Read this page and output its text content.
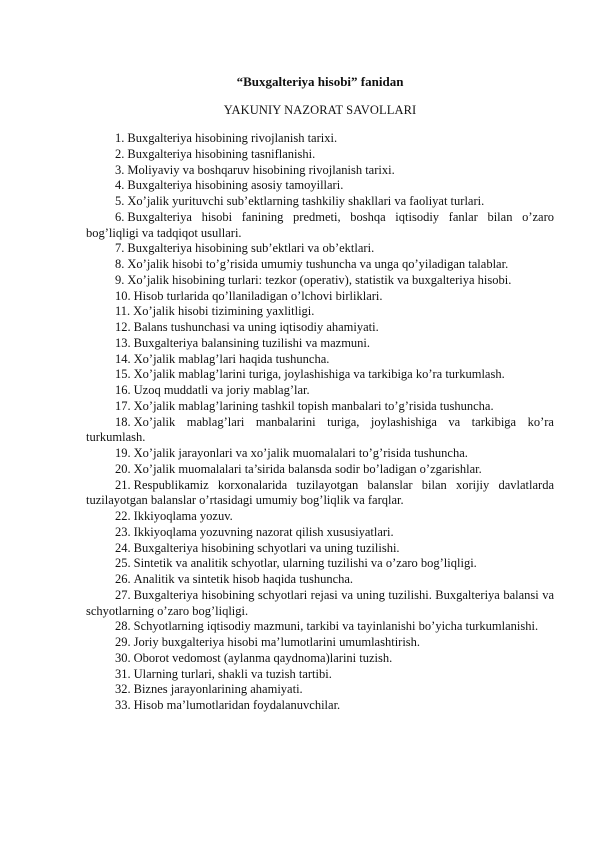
“Buxgalteriya hisobi” fanidan
YAKUNIY NAZORAT SAVOLLARI
1. Buxgalteriya hisobining rivojlanish tarixi.
2. Buxgalteriya hisobining tasniflanishi.
3. Moliyaviy va boshqaruv hisobining rivojlanish tarixi.
4. Buxgalteriya hisobining asosiy tamoyillari.
5. Xo’jalik yurituvchi sub’ektlarning tashkiliy shakllari va faoliyat turlari.
6. Buxgalteriya hisobi fanining predmeti, boshqa iqtisodiy fanlar bilan o’zaro bog’liqligi va tadqiqot usullari.
7. Buxgalteriya hisobining sub’ektlari va ob’ektlari.
8. Xo’jalik hisobi to’g’risida umumiy tushuncha va unga qo’yiladigan talablar.
9. Xo’jalik hisobining turlari: tezkor (operativ), statistik va buxgalteriya hisobi.
10. Hisob turlarida qo’llaniladigan o’lchovi birliklari.
11. Xo’jalik hisobi tizimining yaxlitligi.
12. Balans tushunchasi va uning iqtisodiy ahamiyati.
13. Buxgalteriya balansining tuzilishi va mazmuni.
14. Xo’jalik mablag’lari haqida tushuncha.
15. Xo’jalik mablag’larini turiga, joylashishiga va tarkibiga ko’ra turkumlash.
16. Uzoq muddatli va joriy mablag’lar.
17. Xo’jalik mablag’larining tashkil topish manbalari to’g’risida tushuncha.
18. Xo’jalik mablag’lari manbalarini turiga, joylashishiga va tarkibiga ko’ra turkumlash.
19. Xo’jalik jarayonlari va xo’jalik muomalalari to’g’risida tushuncha.
20. Xo’jalik muomalalari ta’sirida balansda sodir bo’ladigan o’zgarishlar.
21. Respublikamiz korxonalarida tuzilayotgan balanslar bilan xorijiy davlatlarda tuzilayotgan balanslar o’rtasidagi umumiy bog’liqlik va farqlar.
22. Ikkiyoqlama yozuv.
23. Ikkiyoqlama yozuvning nazorat qilish xususiyatlari.
24. Buxgalteriya hisobining schyotlari va uning tuzilishi.
25. Sintetik va analitik schyotlar, ularning tuzilishi va o’zaro bog’liqligi.
26. Analitik va sintetik hisob haqida tushuncha.
27. Buxgalteriya hisobining schyotlari rejasi va uning tuzilishi. Buxgalteriya balansi va schyotlarning o’zaro bog’liqligi.
28. Schyotlarning iqtisodiy mazmuni, tarkibi va tayinlanishi bo’yicha turkumlanishi.
29. Joriy buxgalteriya hisobi ma’lumotlarini umumlashtirish.
30. Oborot vedomost (aylanma qaydnoma)larini tuzish.
31. Ularning turlari, shakli va tuzish tartibi.
32. Biznes jarayonlarining ahamiyati.
33. Hisob ma’lumotlaridan foydalanuvchilar.
